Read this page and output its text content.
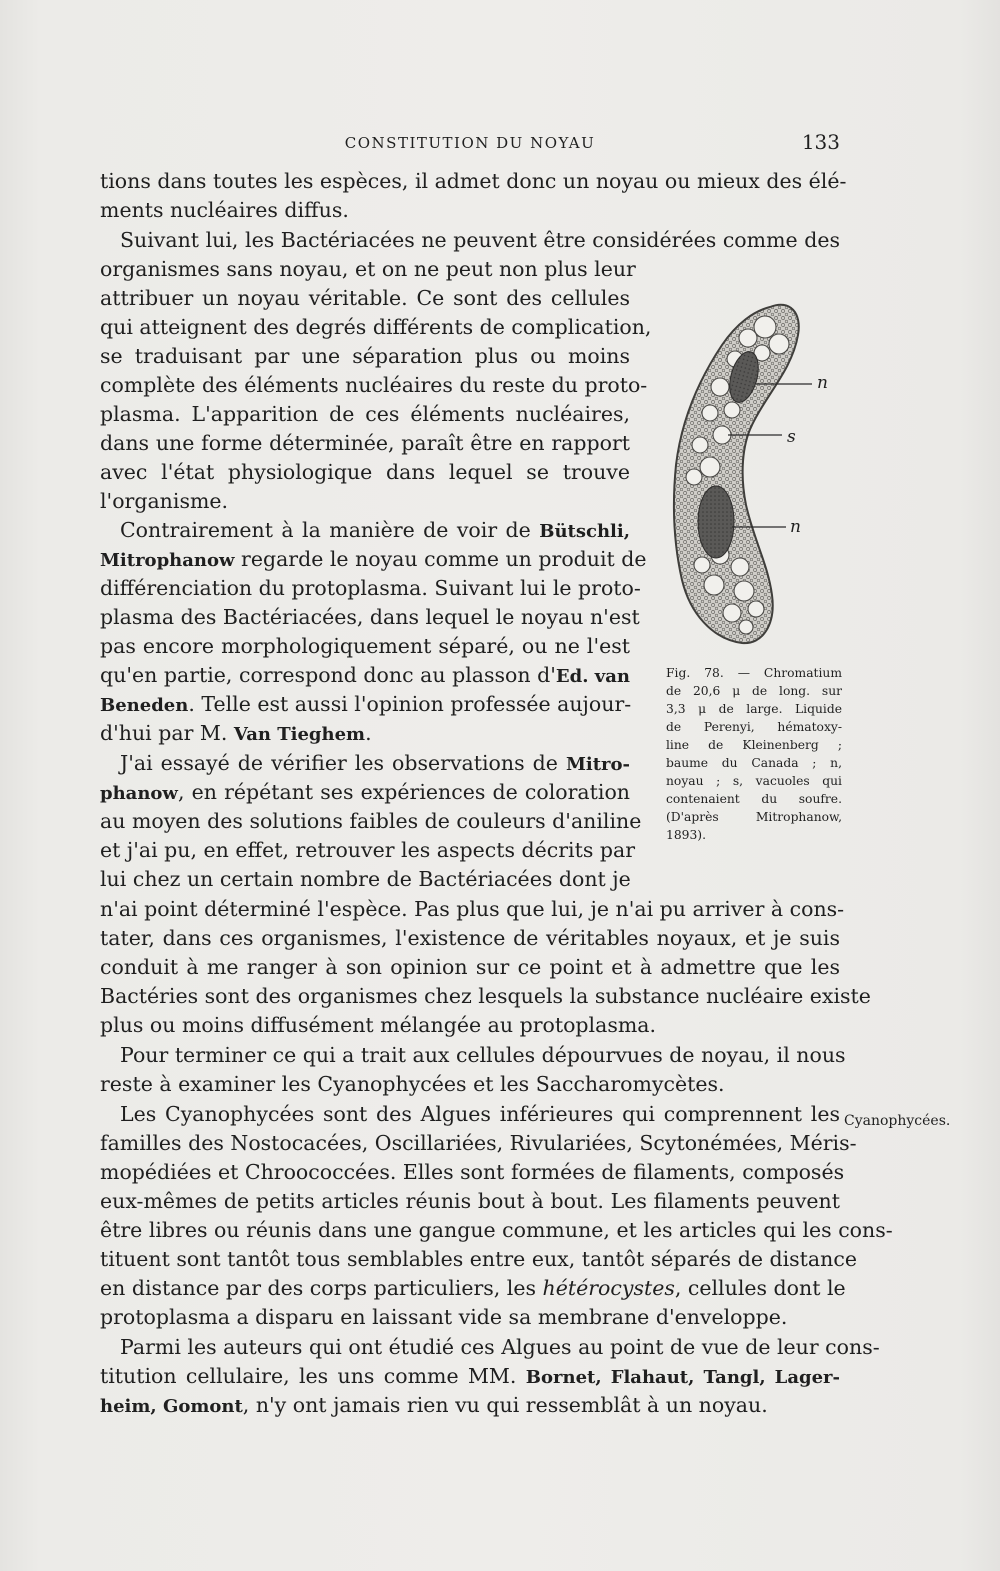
CONSTITUTION DU NOYAU	133
tions dans toutes les espèces, il admet donc un noyau ou mieux des élé-
ments nucléaires diffus.
Suivant lui, les Bactériacées ne peuvent être considérées comme des
organismes sans noyau, et on ne peut non plus leur
attribuer un noyau véritable. Ce sont des cellules
qui atteignent des degrés différents de complication,
se traduisant par une séparation plus ou moins
complète des éléments nucléaires du reste du proto-
plasma. L'apparition de ces éléments nucléaires,
dans une forme déterminée, paraît être en rapport
avec l'état physiologique dans lequel se trouve
l'organisme.
Contrairement à la manière de voir de Bütschli,
Mitrophanow regarde le noyau comme un produit de
différenciation du protoplasma. Suivant lui le proto-
plasma des Bactériacées, dans lequel le noyau n'est
pas encore morphologiquement séparé, ou ne l'est
qu'en partie, correspond donc au plasson d'Ed. van
Beneden. Telle est aussi l'opinion professée aujour-
d'hui par M. Van Tieghem.
J'ai essayé de vérifier les observations de Mitro-
phanow, en répétant ses expériences de coloration
au moyen des solutions faibles de couleurs d'aniline
et j'ai pu, en effet, retrouver les aspects décrits par
lui chez un certain nombre de Bactériacées dont je
n'ai point déterminé l'espèce. Pas plus que lui, je n'ai pu arriver à cons-
tater, dans ces organismes, l'existence de véritables noyaux, et je suis
conduit à me ranger à son opinion sur ce point et à admettre que les
Bactéries sont des organismes chez lesquels la substance nucléaire existe
plus ou moins diffusément mélangée au protoplasma.
Pour terminer ce qui a trait aux cellules dépourvues de noyau, il nous
reste à examiner les Cyanophycées et les Saccharomycètes.
Les Cyanophycées sont des Algues inférieures qui comprennent les
familles des Nostocacées, Oscillariées, Rivulariées, Scytonémées, Méris-
mopédiées et Chroococcées. Elles sont formées de filaments, composés
eux-mêmes de petits articles réunis bout à bout. Les filaments peuvent
être libres ou réunis dans une gangue commune, et les articles qui les cons-
tituent sont tantôt tous semblables entre eux, tantôt séparés de distance
en distance par des corps particuliers, les hétérocystes, cellules dont le
protoplasma a disparu en laissant vide sa membrane d'enveloppe.
Parmi les auteurs qui ont étudié ces Algues au point de vue de leur cons-
titution cellulaire, les uns comme MM. Bornet, Flahaut, Tangl, Lager-
heim, Gomont, n'y ont jamais rien vu qui ressemblât à un noyau.
n
s
n
Fig. 78. — Chromatium
de 20,6 μ de long. sur
3,3 μ de large. Liquide
de Perenyi, hématoxy-
line de Kleinenberg ;
baume du Canada ; n,
noyau ; s, vacuoles qui
contenaient du soufre.
(D'après Mitrophanow,
1893).
Cyanophycées.
